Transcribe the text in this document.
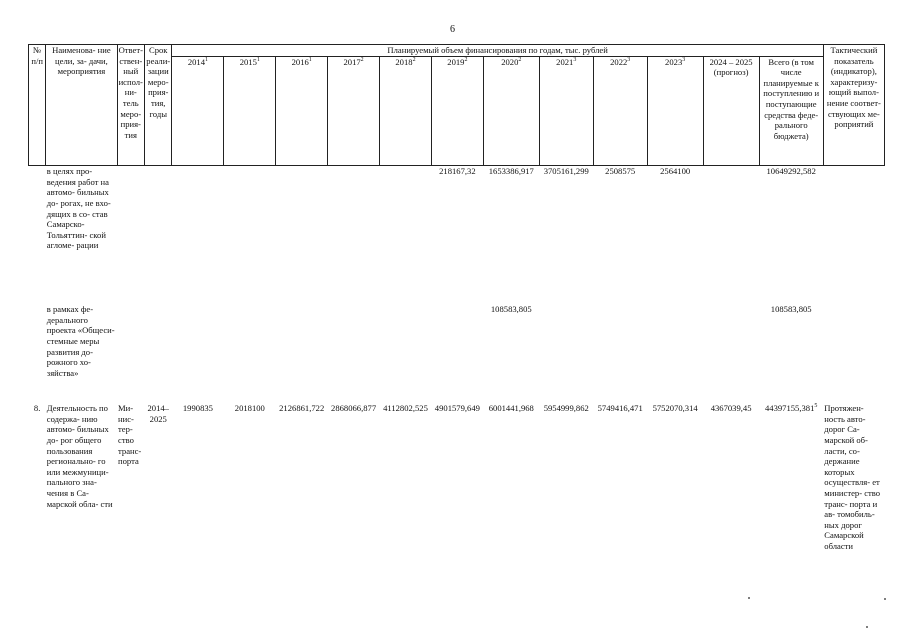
6
№ п/п	Наименова- ние цели, за- дачи, мероприятия	Ответ- ствен- ный испол- ни- тель меро- прия- тия	Срок реали- зации меро- прия- тия, годы	Планируемый объем финансирования по годам, тыс. рублей												Тактический показатель (индикатор), характеризу- ющий выпол- нение соответ- ствующих ме- роприятий
				2014$^1$	2015$^1$	2016$^1$	2017$^2$	2018$^2$	2019$^2$	2020$^2$	2021$^3$	2022$^3$	2023$^3$	2024 – 2025 (прогноз)	Всего (в том числе планируемые к поступлению и поступающие средства феде- рального бюджета)	

	в целях про- ведения работ на автомо- бильных до- рогах, не вхо- дящих в со- став Самарско- Тольяттин- ской агломе- рации								218167,32	1653386,917	3705161,299	2508575	2564100		10649292,582	
	в рамках фе- дерального проекта «Общеси- стемные меры развития до- рожного хо- зяйства»									108583,805					108583,805	
8.	Деятельность по содержа- нию автомо- бильных до- рог общего пользования регионально- го или межмуници- пального зна- чения в Са- марской обла- сти	Ми- нис- тер- ство транс- порта	2014– 2025	1990835	2018100	2126861,722	2868066,877	4112802,525	4901579,649	6001441,968	5954999,862	5749416,471	5752070,314	4367039,45	44397155,381$^5$	Протяжен- ность авто- дорог Са- марской об- ласти, со- держание которых осуществля- ет министер- ство транс- порта и ав- томобиль- ных дорог Самарской области
